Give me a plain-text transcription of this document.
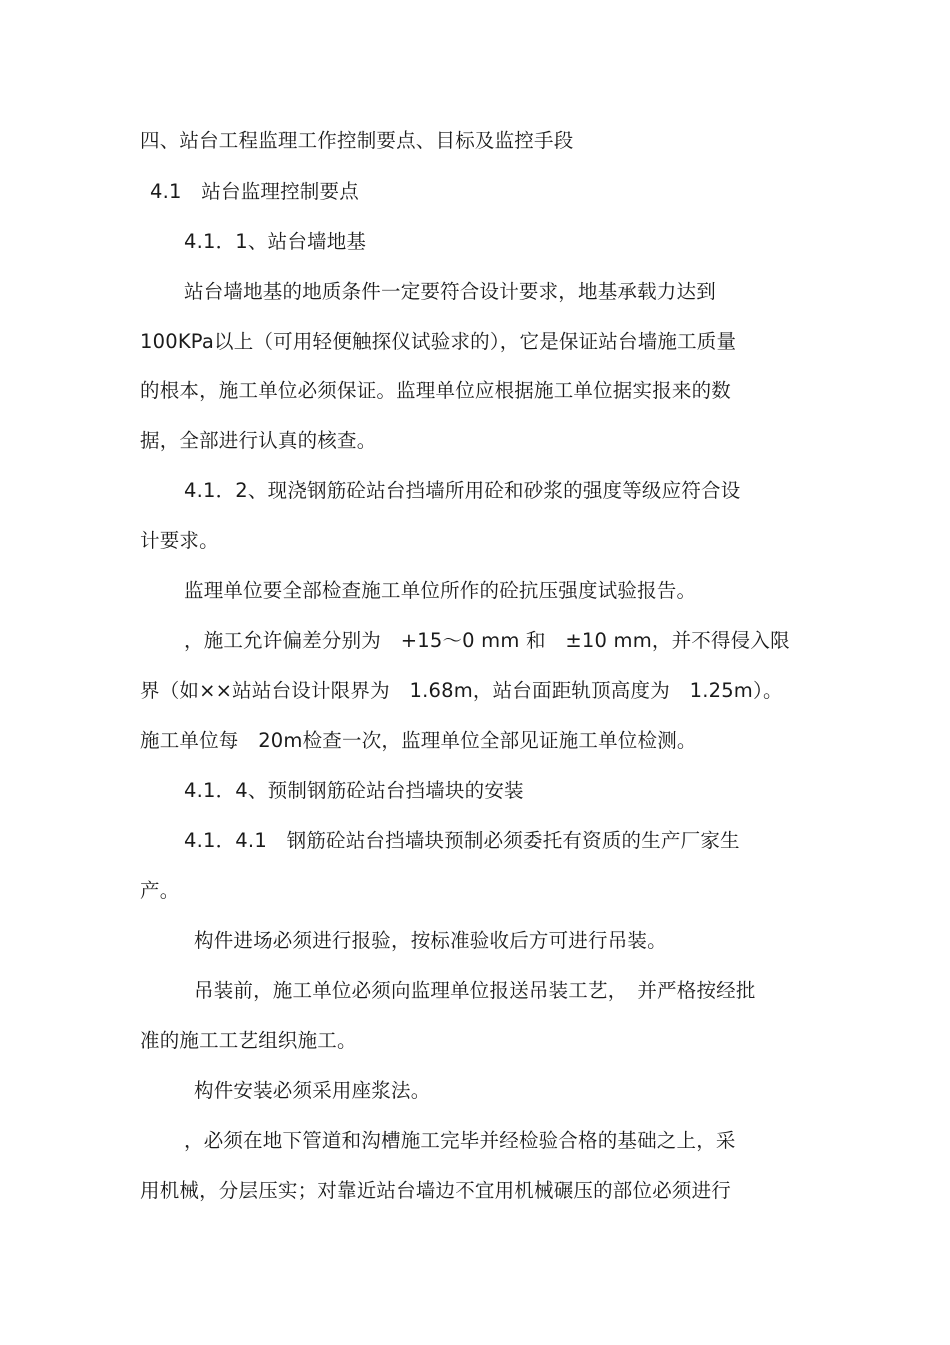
四、站台工程监理工作控制要点、目标及监控手段
4.1　站台监理控制要点
4.1．1、站台墙地基
站台墙地基的地质条件一定要符合设计要求，地基承载力达到
100KPa以上（可用轻便触探仪试验求的），它是保证站台墙施工质量
的根本，施工单位必须保证。监理单位应根据施工单位据实报来的数
据，全部进行认真的核查。
4.1．2、现浇钢筋砼站台挡墙所用砼和砂浆的强度等级应符合设
计要求。
监理单位要全部检查施工单位所作的砼抗压强度试验报告。
，施工允许偏差分别为　+15～0 mm 和　±10 mm，并不得侵入限
界（如××站站台设计限界为　1.68m，站台面距轨顶高度为　1.25m）。
施工单位每　20m检查一次，监理单位全部见证施工单位检测。
4.1．4、预制钢筋砼站台挡墙块的安装
4.1．4.1　钢筋砼站台挡墙块预制必须委托有资质的生产厂家生
产。
构件进场必须进行报验，按标准验收后方可进行吊装。
吊装前，施工单位必须向监理单位报送吊装工艺，　并严格按经批
准的施工工艺组织施工。
构件安装必须采用座浆法。
，必须在地下管道和沟槽施工完毕并经检验合格的基础之上，采
用机械，分层压实；对靠近站台墙边不宜用机械碾压的部位必须进行
